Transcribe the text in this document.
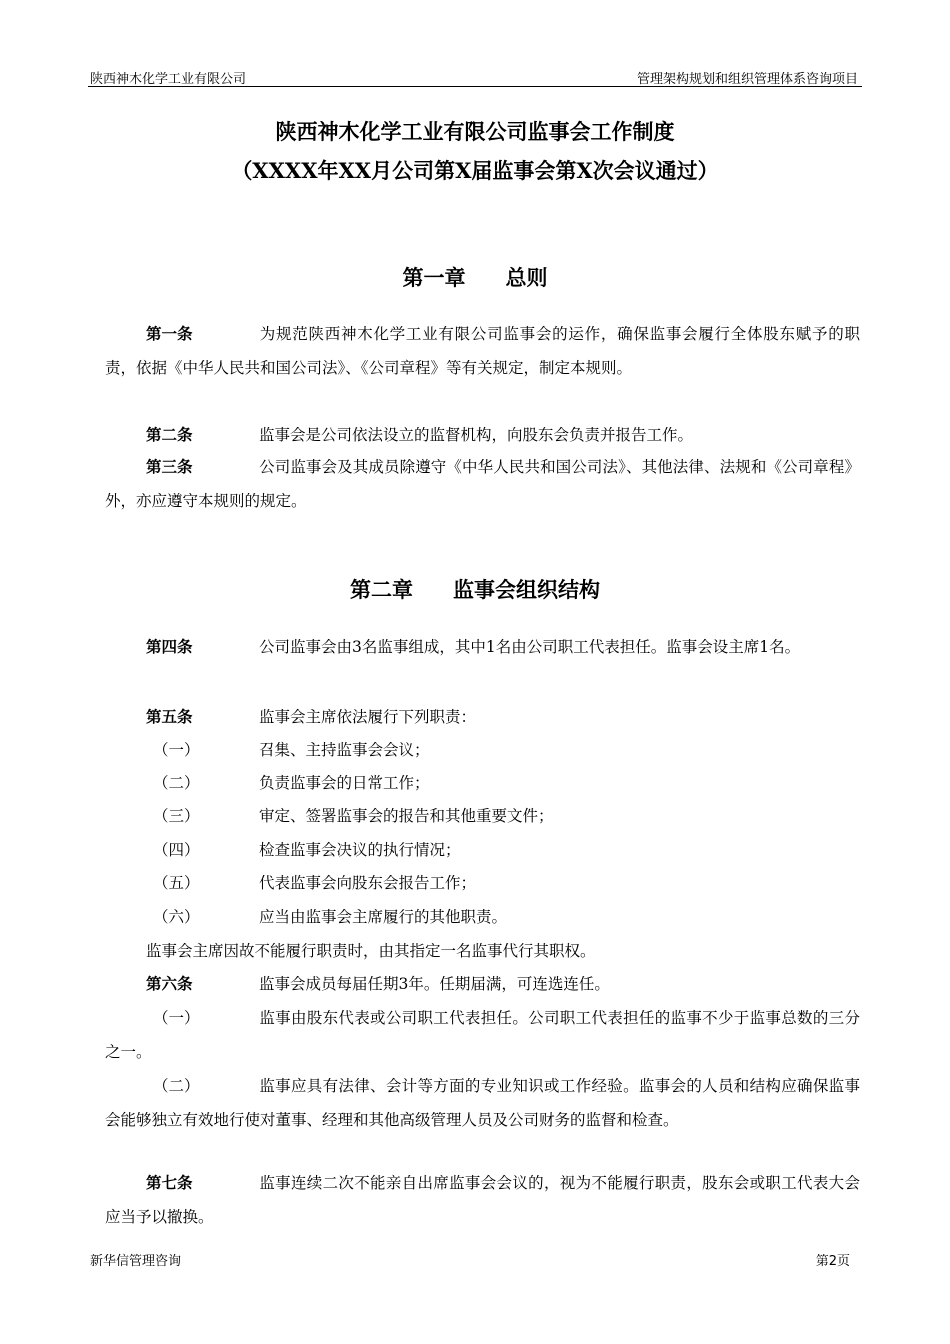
陕西神木化学工业有限公司	管理架构规划和组织管理体系咨询项目
陕西神木化学工业有限公司监事会工作制度
（XXXX年XX月公司第X届监事会第X次会议通过）
第一章 总则
第一条	为规范陕西神木化学工业有限公司监事会的运作，确保监事会履行全体股东赋予的职责，依据《中华人民共和国公司法》、《公司章程》等有关规定，制定本规则。
第二条	监事会是公司依法设立的监督机构，向股东会负责并报告工作。
第三条	公司监事会及其成员除遵守《中华人民共和国公司法》、其他法律、法规和《公司章程》外，亦应遵守本规则的规定。
第二章 监事会组织结构
第四条	公司监事会由3名监事组成，其中1名由公司职工代表担任。监事会设主席1名。
第五条	监事会主席依法履行下列职责：
（一）	召集、主持监事会会议；
（二）	负责监事会的日常工作；
（三）	审定、签署监事会的报告和其他重要文件；
（四）	检查监事会决议的执行情况；
（五）	代表监事会向股东会报告工作；
（六）	应当由监事会主席履行的其他职责。
监事会主席因故不能履行职责时，由其指定一名监事代行其职权。
第六条	监事会成员每届任期3年。任期届满，可连选连任。
（一）	监事由股东代表或公司职工代表担任。公司职工代表担任的监事不少于监事总数的三分之一。
（二）	监事应具有法律、会计等方面的专业知识或工作经验。监事会的人员和结构应确保监事会能够独立有效地行使对董事、经理和其他高级管理人员及公司财务的监督和检查。
第七条	监事连续二次不能亲自出席监事会会议的，视为不能履行职责，股东会或职工代表大会应当予以撤换。
新华信管理咨询	第2页
